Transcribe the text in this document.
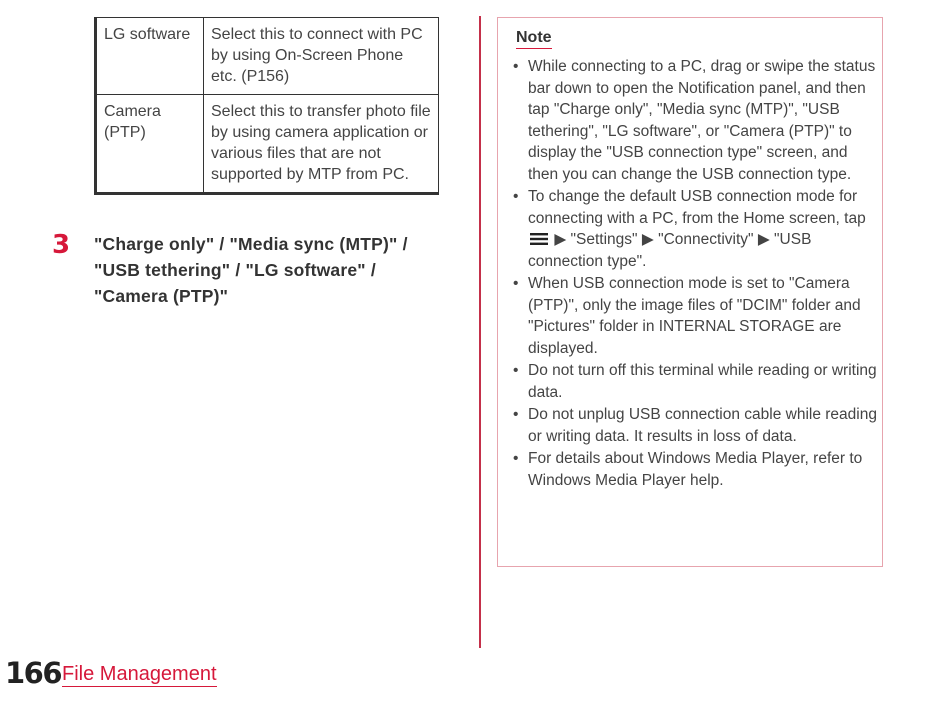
LG software	Select this to connect with PC by using On-Screen Phone etc. (P156)
Camera (PTP)	Select this to transfer photo file by using camera application or various files that are not supported by MTP from PC.
3 "Charge only" / "Media sync (MTP)" / "USB tethering" / "LG software" / "Camera (PTP)"
Note
• While connecting to a PC, drag or swipe the status bar down to open the Notification panel, and then tap "Charge only", "Media sync (MTP)", "USB tethering", "LG software", or "Camera (PTP)" to display the "USB connection type" screen, and then you can change the USB connection type.
• To change the default USB connection mode for connecting with a PC, from the Home screen, tap
▶ "Settings" ▶ "Connectivity" ▶ "USB connection type".
• When USB connection mode is set to "Camera (PTP)", only the image files of "DCIM" folder and "Pictures" folder in INTERNAL STORAGE are displayed.
• Do not turn off this terminal while reading or writing data.
• Do not unplug USB connection cable while reading or writing data. It results in loss of data.
• For details about Windows Media Player, refer to Windows Media Player help.
166 File Management
